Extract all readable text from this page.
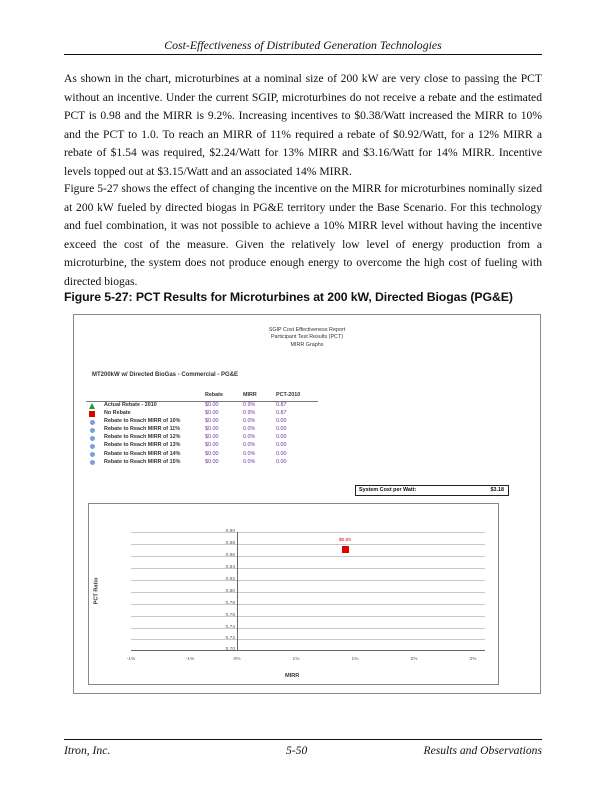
Cost-Effectiveness of Distributed Generation Technologies
As shown in the chart, microturbines at a nominal size of 200 kW are very close to passing the PCT without an incentive. Under the current SGIP, microturbines do not receive a rebate and the estimated PCT is 0.98 and the MIRR is 9.2%. Increasing incentives to $0.38/Watt increased the MIRR to 10% and the PCT to 1.0. To reach an MIRR of 11% required a rebate of $0.92/Watt, for a 12% MIRR a rebate of $1.54 was required, $2.24/Watt for 13% MIRR and $3.16/Watt for 14% MIRR. Incentive levels topped out at $3.15/Watt and an associated 14% MIRR.
Figure 5-27 shows the effect of changing the incentive on the MIRR for microturbines nominally sized at 200 kW fueled by directed biogas in PG&E territory under the Base Scenario. For this technology and fuel combination, it was not possible to achieve a 10% MIRR level without having the incentive exceed the cost of the measure. Given the relatively low level of energy production from a microturbine, the system does not produce enough energy to overcome the high cost of fueling with directed biogas.
Figure 5-27: PCT Results for Microturbines at 200 kW, Directed Biogas (PG&E)
SGIP Cost Effectiveness Report
Participant Test Results (PCT)
MIRR Graphs
MT200kW w/ Directed BioGas - Commercial - PG&E
Rebate	MIRR	PCT-2010
Actual Rebate - 2010	$0.00	0.9%	0.87
No Rebate	$0.00	0.9%	0.87
Rebate to Reach MIRR of 10%	$0.00	0.0%	0.00
Rebate to Reach MIRR of 11%	$0.00	0.0%	0.00
Rebate to Reach MIRR of 12%	$0.00	0.0%	0.00
Rebate to Reach MIRR of 13%	$0.00	0.0%	0.00
Rebate to Reach MIRR of 14%	$0.00	0.0%	0.00
Rebate to Reach MIRR of 15%	$0.00	0.0%	0.00
System Cost per Watt:	$3.18
PCT Ratio
0.90
0.88
0.86
0.84
0.82
0.80
0.78
0.76
0.74
0.72
0.70
-1%	-1%	0%	1%	1%	2%	2%
$0.00
MIRR
Itron, Inc.	5-50	Results and Observations
